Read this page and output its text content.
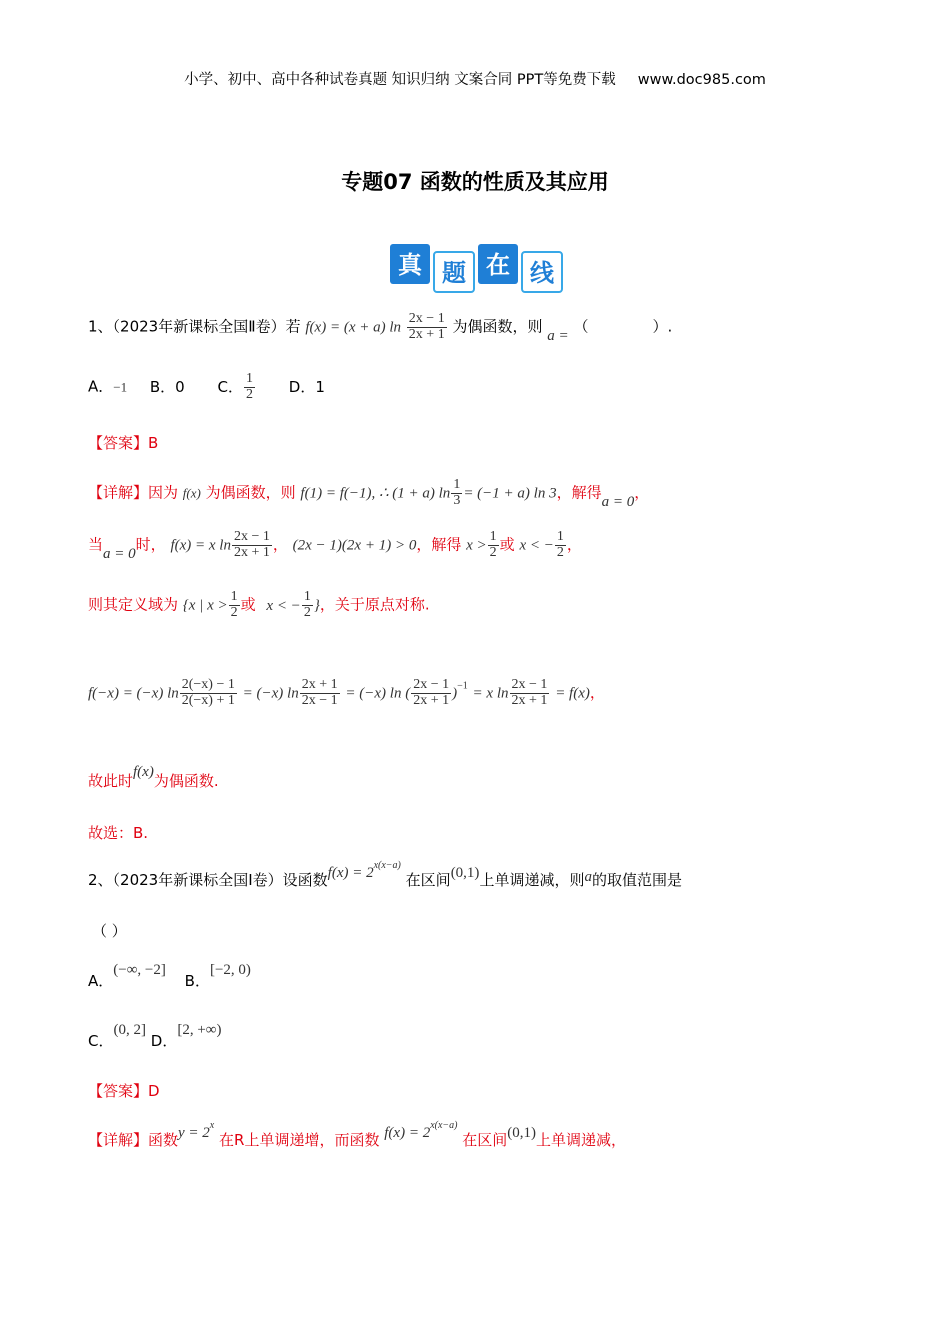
小学、初中、高中各种试卷真题 知识归纳 文案合同 PPT等免费下载 www.doc985.com
专题07 函数的性质及其应用
真 题 在 线
1、（2023年新课标全国Ⅱ卷）若 f(x) = (x + a) $\ln \frac{2x - 1}{2x + 1}$ 为偶函数，则 a = （	）.
A．−1 B．0 C． $\frac{1}{2}$ D．1
【答案】B
【详解】因为 f(x) 为偶函数，则 f(1) = f(−1), ∴ (1 + a) $\ln \frac{1}{3} = (-1 + a)$ ln 3，解得a = 0，
当a = 0时， f(x) = x $\ln \frac{2x - 1}{2x + 1}$ ， (2x − 1)(2x + 1) > 0，解得 $x > \frac{1}{2}$ 或 x < − $\frac{1}{2}$ ，
则其定义域为 {x | $x > \frac{1}{2}$ 或 x < − $\frac{1}{2}$ }，关于原点对称.
f(−x) = (−x) $\ln \frac{2(-x) - 1}{2(-x) + 1} = (-x)$ $\ln \frac{2x + 1}{2x - 1} = (-x)$ ln ( $\frac{2x - 1}{2x + 1} )^{-1} = x$ $\ln \frac{2x - 1}{2x + 1} = f(x)$，
故此时f(x)为偶函数.
故选：B.
2、（2023年新课标全国Ⅰ卷）设函数$f(x) = 2^{x(x-a)}$ 在区间(0,1)上单调递减，则a的取值范围是
（ ）
A．(−∞, −2] B．[−2, 0)
C．(0, 2] D．[2, +∞)
【答案】D
【详解】函数$y = 2^x$ 在R上单调递增，而函数 $f(x) = 2^{x(x-a)}$ 在区间(0,1)上单调递减，
